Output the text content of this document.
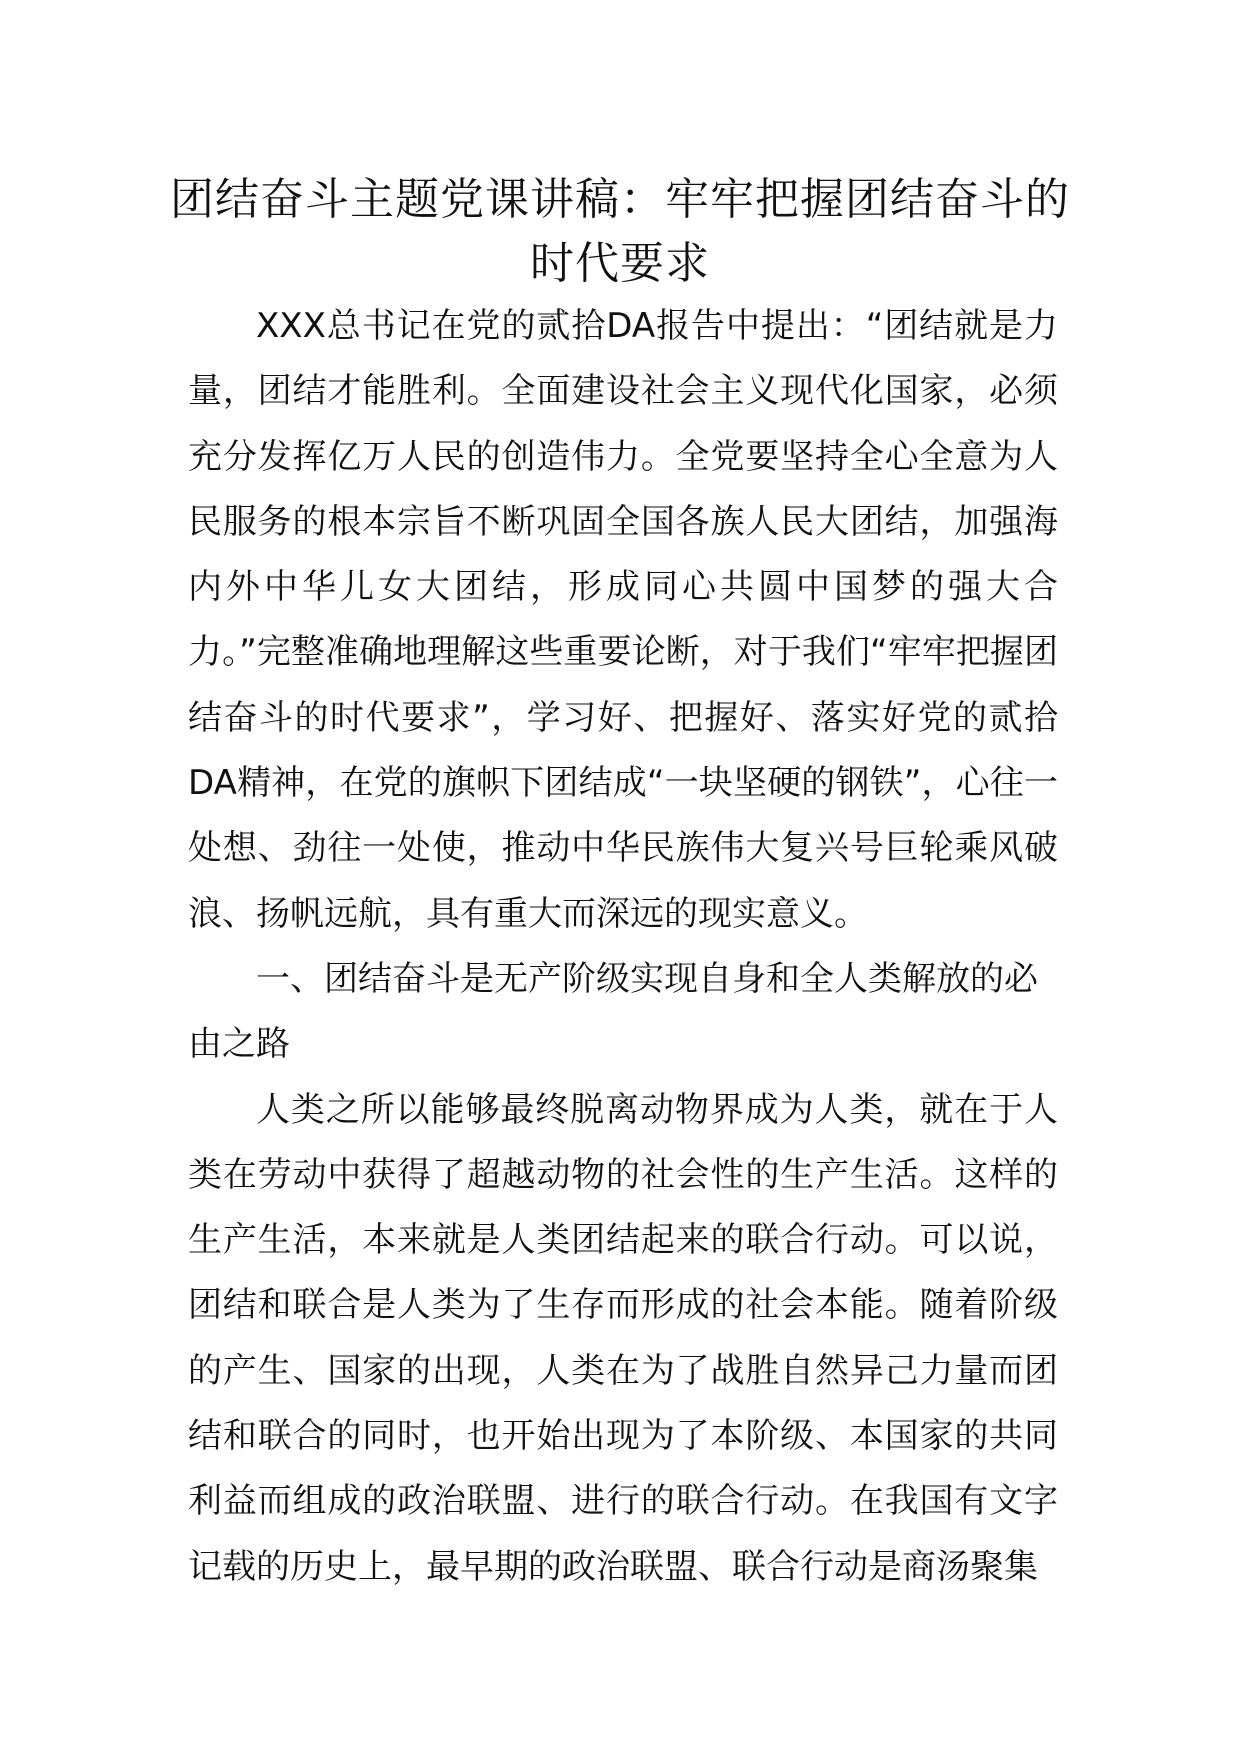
团结奋斗主题党课讲稿：牢牢把握团结奋斗的时代要求

XXX总书记在党的贰拾DA报告中提出：“团结就是力量，团结才能胜利。全面建设社会主义现代化国家，必须充分发挥亿万人民的创造伟力。全党要坚持全心全意为人民服务的根本宗旨不断巩固全国各族人民大团结，加强海内外中华儿女大团结，形成同心共圆中国梦的强大合力。”完整准确地理解这些重要论断，对于我们“牢牢把握团结奋斗的时代要求”，学习好、把握好、落实好党的贰拾DA精神，在党的旗帜下团结成“一块坚硬的钢铁”，心往一处想、劲往一处使，推动中华民族伟大复兴号巨轮乘风破浪、扬帆远航，具有重大而深远的现实意义。

一、团结奋斗是无产阶级实现自身和全人类解放的必由之路

人类之所以能够最终脱离动物界成为人类，就在于人类在劳动中获得了超越动物的社会性的生产生活。这样的生产生活，本来就是人类团结起来的联合行动。可以说，团结和联合是人类为了生存而形成的社会本能。随着阶级的产生、国家的出现，人类在为了战胜自然异己力量而团结和联合的同时，也开始出现为了本阶级、本国家的共同利益而组成的政治联盟、进行的联合行动。在我国有文字记载的历史上，最早期的政治联盟、联合行动是商汤聚集
